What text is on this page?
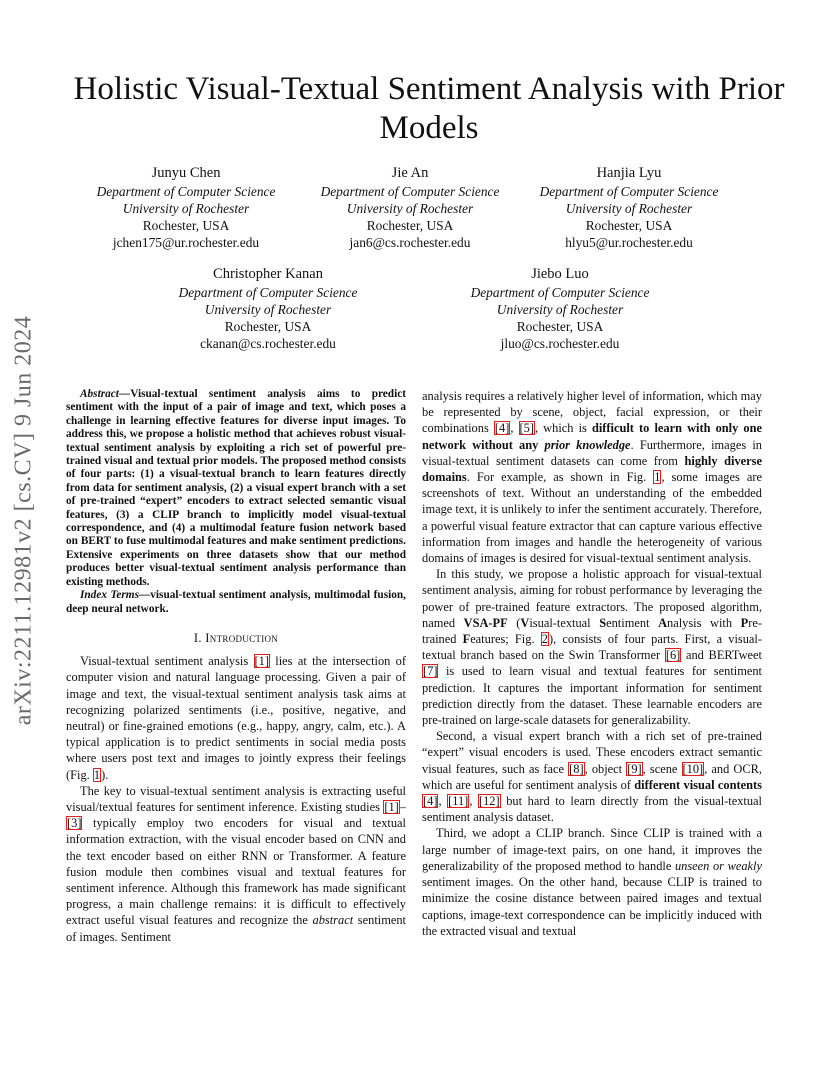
arXiv:2211.12981v2 [cs.CV] 9 Jun 2024
Holistic Visual-Textual Sentiment Analysis with Prior Models
Junyu Chen
Department of Computer Science
University of Rochester
Rochester, USA
jchen175@ur.rochester.edu
Jie An
Department of Computer Science
University of Rochester
Rochester, USA
jan6@cs.rochester.edu
Hanjia Lyu
Department of Computer Science
University of Rochester
Rochester, USA
hlyu5@ur.rochester.edu
Christopher Kanan
Department of Computer Science
University of Rochester
Rochester, USA
ckanan@cs.rochester.edu
Jiebo Luo
Department of Computer Science
University of Rochester
Rochester, USA
jluo@cs.rochester.edu

Abstract—Visual-textual sentiment analysis aims to predict sentiment with the input of a pair of image and text, which poses a challenge in learning effective features for diverse input images. To address this, we propose a holistic method that achieves robust visual-textual sentiment analysis by exploiting a rich set of powerful pre-trained visual and textual prior models. The proposed method consists of four parts: (1) a visual-textual branch to learn features directly from data for sentiment analysis, (2) a visual expert branch with a set of pre-trained “expert” encoders to extract selected semantic visual features, (3) a CLIP branch to implicitly model visual-textual correspondence, and (4) a multimodal feature fusion network based on BERT to fuse multimodal features and make sentiment predictions. Extensive experiments on three datasets show that our method produces better visual-textual sentiment analysis performance than existing methods.

Index Terms—visual-textual sentiment analysis, multimodal fusion, deep neural network.

I. Introduction

Visual-textual sentiment analysis [1] lies at the intersection of computer vision and natural language processing. Given a pair of image and text, the visual-textual sentiment analysis task aims at recognizing polarized sentiments (i.e., positive, negative, and neutral) or fine-grained emotions (e.g., happy, angry, calm, etc.). A typical application is to predict sentiments in social media posts where users post text and images to jointly express their feelings (Fig. 1).

The key to visual-textual sentiment analysis is extracting useful visual/textual features for sentiment inference. Existing studies [1]–[3] typically employ two encoders for visual and textual information extraction, with the visual encoder based on CNN and the text encoder based on either RNN or Transformer. A feature fusion module then combines visual and textual features for sentiment inference. Although this framework has made significant progress, a main challenge remains: it is difficult to effectively extract useful visual features and recognize the abstract sentiment of images. Sentiment

analysis requires a relatively higher level of information, which may be represented by scene, object, facial expression, or their combinations [4], [5], which is difficult to learn with only one network without any prior knowledge. Furthermore, images in visual-textual sentiment datasets can come from highly diverse domains. For example, as shown in Fig. 1, some images are screenshots of text. Without an understanding of the embedded image text, it is unlikely to infer the sentiment accurately. Therefore, a powerful visual feature extractor that can capture various effective information from images and handle the heterogeneity of various domains of images is desired for visual-textual sentiment analysis.

In this study, we propose a holistic approach for visual-textual sentiment analysis, aiming for robust performance by leveraging the power of pre-trained feature extractors. The proposed algorithm, named VSA-PF (Visual-textual Sentiment Analysis with Pre-trained Features; Fig. 2), consists of four parts. First, a visual-textual branch based on the Swin Transformer [6] and BERTweet [7] is used to learn visual and textual features for sentiment prediction. It captures the important information for sentiment prediction directly from the dataset. These learnable encoders are pre-trained on large-scale datasets for generalizability.

Second, a visual expert branch with a rich set of pre-trained “expert” visual encoders is used. These encoders extract semantic visual features, such as face [8], object [9], scene [10], and OCR, which are useful for sentiment analysis of different visual contents [4], [11], [12] but hard to learn directly from the visual-textual sentiment analysis dataset.

Third, we adopt a CLIP branch. Since CLIP is trained with a large number of image-text pairs, on one hand, it improves the generalizability of the proposed method to handle unseen or weakly sentiment images. On the other hand, because CLIP is trained to minimize the cosine distance between paired images and textual captions, image-text correspondence can be implicitly induced with the extracted visual and textual
